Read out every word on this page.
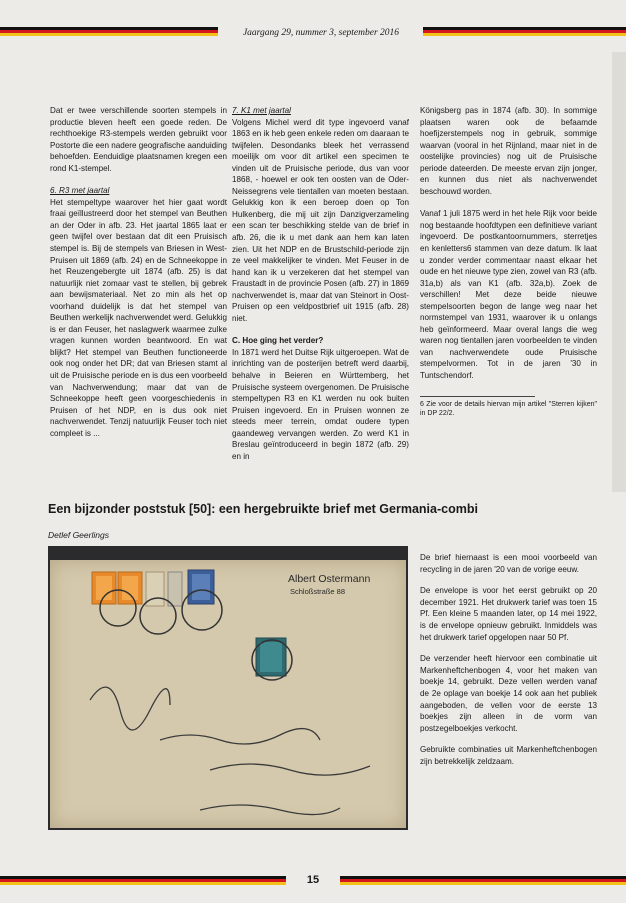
Jaargang 29, nummer 3, september 2016

Dat er twee verschillende soorten stempels in productie bleven heeft een goede reden. De rechthoekige R3-stempels werden gebruikt voor Postorte die een nadere geografische aanduiding behoefden. Eenduidige plaatsnamen kregen een rond K1-stempel.

6. R3 met jaartal

Het stempeltype waarover het hier gaat wordt fraai geïllustreerd door het stempel van Beuthen an der Oder in afb. 23. Het jaartal 1865 laat er geen twijfel over bestaan dat dit een Pruisisch stempel is. Bij de stempels van Briesen in West-Pruisen uit 1869 (afb. 24) en de Schneekoppe in het Reuzengebergte uit 1874 (afb. 25) is dat natuurlijk niet zomaar vast te stellen, bij gebrek aan bewijsmateriaal. Net zo min als het op voorhand duidelijk is dat het stempel van Beuthen werkelijk nachverwendet werd. Gelukkig is er dan Feuser, het naslagwerk waarmee zulke vragen kunnen worden beantwoord. En wat blijkt? Het stempel van Beuthen functioneerde ook nog onder het DR; dat van Briesen stamt al uit de Pruisische periode en is dus een voorbeeld van Nachverwendung; maar dat van de Schneekoppe heeft geen voorgeschiedenis in Pruisen of het NDP, en is dus ook niet nachverwendet. Tenzij natuurlijk Feuser toch niet compleet is ...

7. K1 met jaartal

Volgens Michel werd dit type ingevoerd vanaf 1863 en ik heb geen enkele reden om daaraan te twijfelen. Desondanks bleek het verrassend moeilijk om voor dit artikel een specimen te vinden uit de Pruisische periode, dus van voor 1868, - hoewel er ook ten oosten van de Oder-Neissegrens vele tientallen van moeten bestaan. Gelukkig kon ik een beroep doen op Ton Hulkenberg, die mij uit zijn Danzigverzameling een scan ter beschikking stelde van de brief in afb. 26, die ik u met dank aan hem kan laten zien. Uit het NDP en de Brustschild-periode zijn ze veel makkelijker te vinden. Met Feuser in de hand kan ik u verzekeren dat het stempel van Fraustadt in de provincie Posen (afb. 27) in 1869 nachverwendet is, maar dat van Steinort in Oost-Pruisen op een veldpostbrief uit 1915 (afb. 28) niet.

C. Hoe ging het verder?

In 1871 werd het Duitse Rijk uitgeroepen. Wat de inrichting van de posterijen betreft werd daarbij, behalve in Beieren en Württemberg, het Pruisische systeem overgenomen. De Pruisische stempeltypen R3 en K1 werden nu ook buiten Pruisen ingevoerd. En in Pruisen wonnen ze steeds meer terrein, omdat oudere typen gaandeweg vervangen werden. Zo werd K1 in Breslau geïntroduceerd in begin 1872 (afb. 29) en in

Königsberg pas in 1874 (afb. 30). In sommige plaatsen waren ook de befaamde hoefijzerstempels nog in gebruik, sommige waarvan (vooral in het Rijnland, maar niet in de oostelijke provincies) nog uit de Pruisische periode dateerden. De meeste ervan zijn jonger, en kunnen dus niet als nachverwendet beschouwd worden.

Vanaf 1 juli 1875 werd in het hele Rijk voor beide nog bestaande hoofdtypen een definitieve variant ingevoerd. De postkantoornummers, sterretjes en kenletters6 stammen van deze datum. Ik laat u zonder verder commentaar naast elkaar het oude en het nieuwe type zien, zowel van R3 (afb. 31a,b) als van K1 (afb. 32a,b). Zoek de verschillen! Met deze beide nieuwe stempelsoorten begon de lange weg naar het normstempel van 1931, waarover ik u onlangs heb geïnformeerd. Maar overal langs die weg waren nog tientallen jaren voorbeelden te vinden van nachverwendete oude Pruisische stempelvormen. Tot in de jaren '30 in Tuntschendorf.

6 Zie voor de details hiervan mijn artikel "Sterren kijken" in DP 22/2.
Een bijzonder poststuk [50]: een hergebruikte brief met Germania-combi
Detlef Geerlings
Albert Ostermann
Schloßstraße 88

De brief hiernaast is een mooi voorbeeld van recycling in de jaren '20 van de vorige eeuw.

De envelope is voor het eerst gebruikt op 20 december 1921. Het drukwerk tarief was toen 15 Pf. Een kleine 5 maanden later, op 14 mei 1922, is de envelope opnieuw gebruikt. Inmiddels was het drukwerk tarief opgelopen naar 50 Pf.

De verzender heeft hiervoor een combinatie uit Markenheftchenbogen 4, voor het maken van boekje 14, gebruikt. Deze vellen werden vanaf de 2e oplage van boekje 14 ook aan het publiek aangeboden, de vellen voor de eerste 13 boekjes zijn alleen in de vorm van postzegelboekjes verkocht.

Gebruikte combinaties uit Markenheftchenbogen zijn betrekkelijk zeldzaam.

15
